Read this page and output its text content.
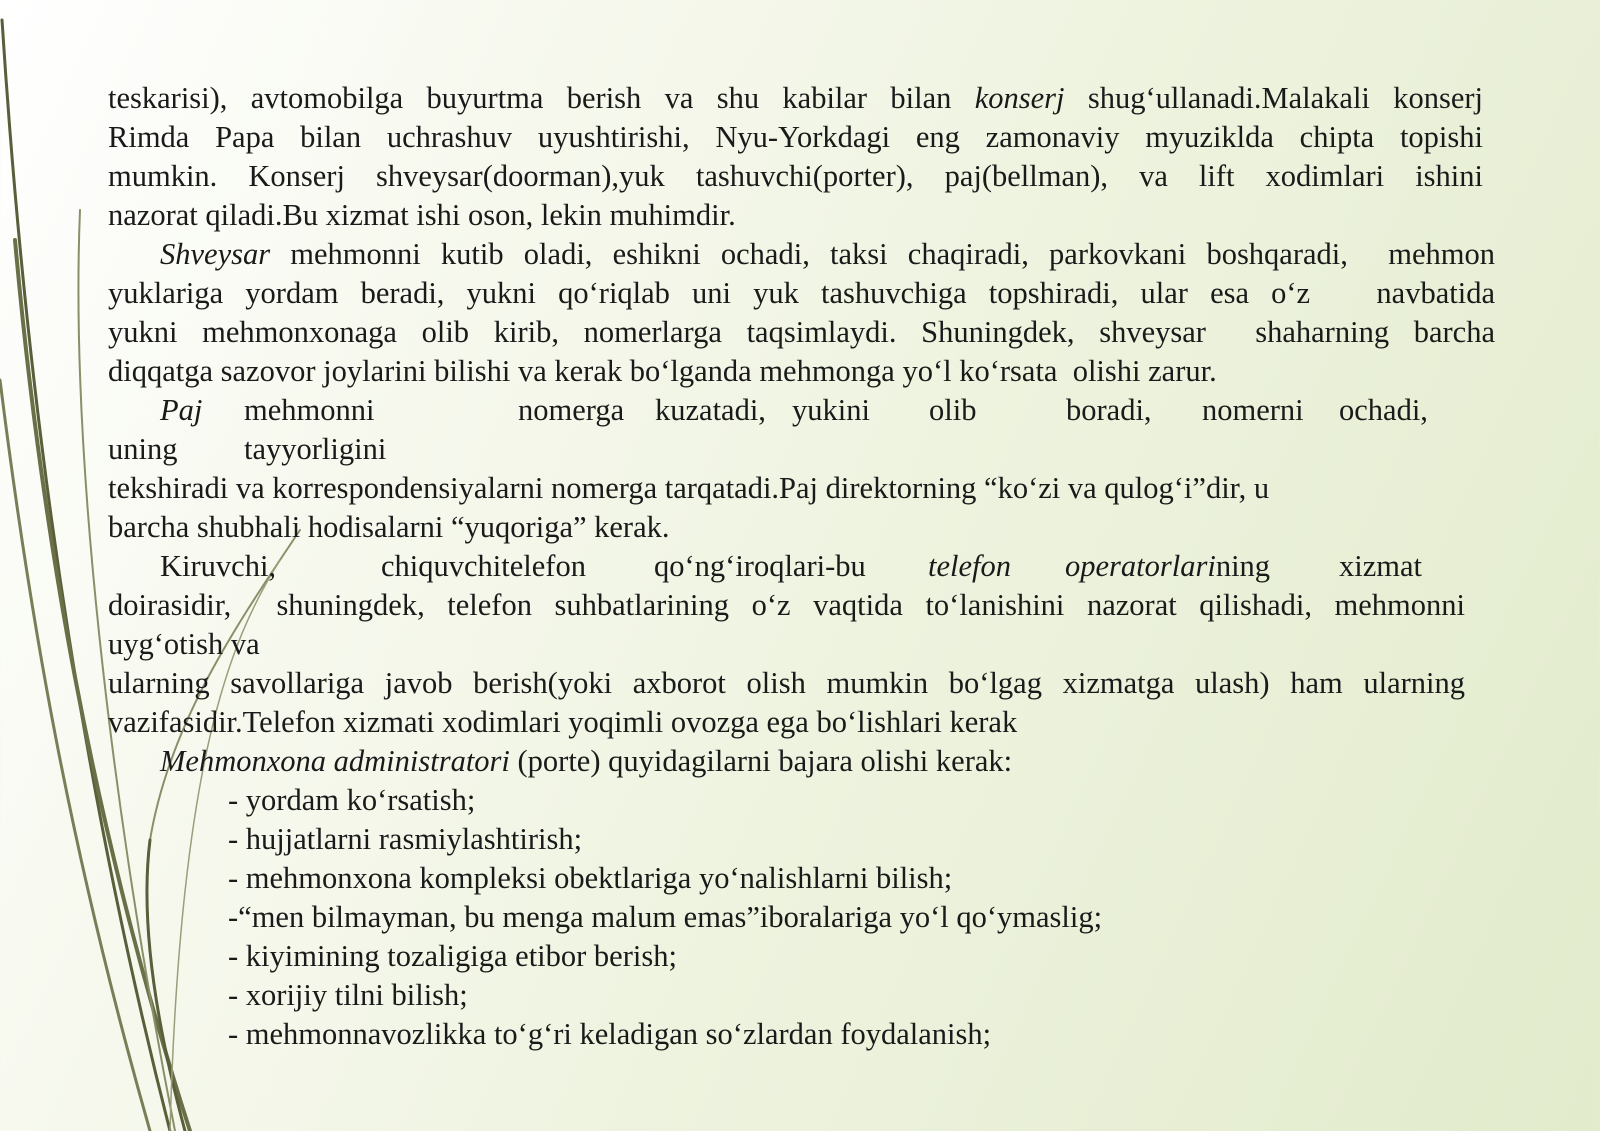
teskarisi), avtomobilga buyurtma berish va shu kabilar bilan konserj shug‘ullanadi.Malakali konserj

Rimda Papa bilan uchrashuv uyushtirishi, Nyu-Yorkdagi eng zamonaviy myuziklda chipta topishi

mumkin. Konserj shveysar(doorman),yuk tashuvchi(porter), paj(bellman), va lift xodimlari ishini

nazorat qiladi.Bu xizmat ishi oson, lekin muhimdir.

Shveysar mehmonni kutib oladi, eshikni ochadi, taksi chaqiradi, parkovkani boshqaradi,  mehmon

yuklariga yordam beradi, yukni qo‘riqlab uni yuk tashuvchiga topshiradi, ular esa o‘z   navbatida

yukni mehmonxonaga olib kirib, nomerlarga taqsimlaydi. Shuningdek, shveysar  shaharning barcha

diqqatga sazovor joylarini bilishi va kerak bo‘lganda mehmonga yo‘l ko‘rsata  olishi zarur.

Paj mehmonni	nomerga kuzatadi, yukini olib	boradi, nomerni ochadi,
uning tayyorligini

tekshiradi va korrespondensiyalarni nomerga tarqatadi.Paj direktorning “ko‘zi va qulog‘i”dir, u

barcha shubhali hodisalarni “yuqoriga” kerak.

Kiruvchi,	chiquvchitelefon qo‘ng‘iroqlari-bu telefon operatorlarining xizmat

doirasidir,  shuningdek, telefon suhbatlarining o‘z vaqtida to‘lanishini nazorat qilishadi, mehmonni

uyg‘otish va

ularning savollariga javob berish(yoki axborot olish mumkin bo‘lgag xizmatga ulash) ham ularning

vazifasidir.Telefon xizmati xodimlari yoqimli ovozga ega bo‘lishlari kerak

Mehmonxona administratori (porte) quyidagilarni bajara olishi kerak:

- yordam ko‘rsatish;

- hujjatlarni rasmiylashtirish;

- mehmonxona kompleksi obektlariga yo‘nalishlarni bilish;

-“men bilmayman, bu menga malum emas”iboralariga yo‘l qo‘ymaslig;

- kiyimining tozaligiga etibor berish;

- xorijiy tilni bilish;

- mehmonnavozlikka to‘g‘ri keladigan so‘zlardan foydalanish;
